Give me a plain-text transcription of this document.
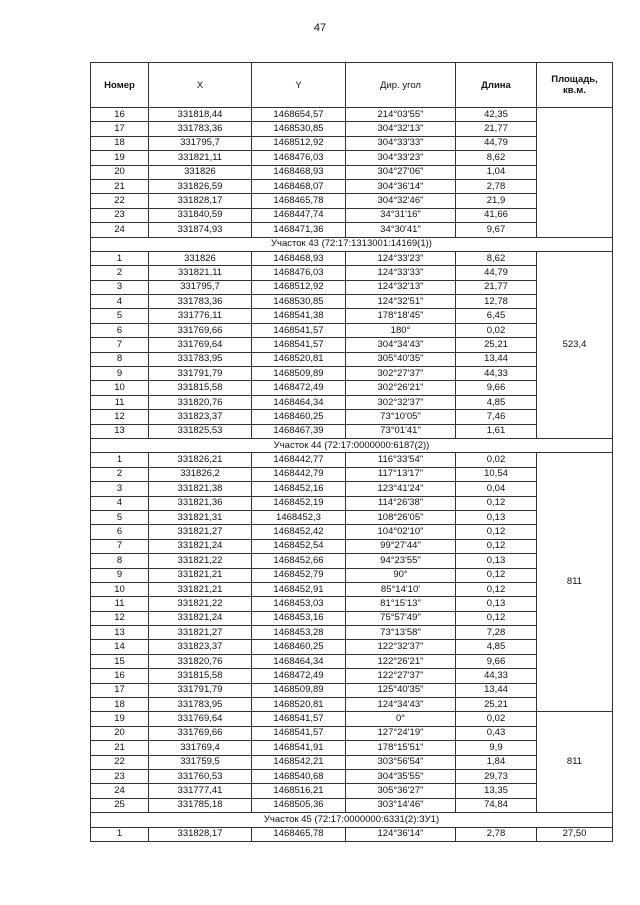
47
Номер	X	Y	Дир. угол	Длина	Площадь, кв.м.
16	331818,44	1468654,57	214°03'55"	42,35	
17	331783,36	1468530,85	304°32'13"	21,77	
18	331795,7	1468512,92	304°33'33"	44,79	
19	331821,11	1468476,03	304°33'23"	8,62	
20	331826	1468468,93	304°27'06"	1,04	
21	331826,59	1468468,07	304°36'14"	2,78	
22	331828,17	1468465,78	304°32'46"	21,9	
23	331840,59	1468447,74	34°31'16"	41,66	
24	331874,93	1468471,36	34°30'41"	9,67	
Участок 43 (72:17:1313001:14169(1))					
1	331826	1468468,93	124°33'23"	8,62	523,4
2	331821,11	1468476,03	124°33'33"	44,79	
3	331795,7	1468512,92	124°32'13"	21,77	
4	331783,36	1468530,85	124°32'51"	12,78	
5	331776,11	1468541,38	178°18'45"	6,45	
6	331769,66	1468541,57	180°	0,02	
7	331769,64	1468541,57	304°34'43"	25,21	
8	331783,95	1468520,81	305°40'35"	13,44	
9	331791,79	1468509,89	302°27'37"	44,33	
10	331815,58	1468472,49	302°26'21"	9,66	
11	331820,76	1468464,34	302°32'37"	4,85	
12	331823,37	1468460,25	73°10'05"	7,46	
13	331825,53	1468467,39	73°01'41"	1,61	
Участок 44 (72:17:0000000:6187(2))					
1	331826,21	1468442,77	116°33'54"	0,02	811
2	331826,2	1468442,79	117°13'17"	10,54	
3	331821,38	1468452,16	123°41'24"	0,04	
4	331821,36	1468452,19	114°26'38"	0,12	
5	331821,31	1468452,3	108°26'05"	0,13	
6	331821,27	1468452,42	104°02'10"	0,12	
7	331821,24	1468452,54	99°27'44"	0,12	
8	331821,22	1468452,66	94°23'55"	0,13	
9	331821,21	1468452,79	90°	0,12	
10	331821,21	1468452,91	85°14'10'	0,12	
11	331821,22	1468453,03	81°15'13"	0,13	
12	331821,24	1468453,16	75°57'49"	0,12	
13	331821,27	1468453,28	73°13'58"	7,28	
14	331823,37	1468460,25	122°32'37"	4,85	
15	331820,76	1468464,34	122°26'21"	9,66	
16	331815,58	1468472,49	122°27'37"	44,33	
17	331791,79	1468509,89	125°40'35"	13,44	
18	331783,95	1468520,81	124°34'43"	25,21	
19	331769,64	1468541,57	0°	0,02	811
20	331769,66	1468541,57	127°24'19"	0,43	
21	331769,4	1468541,91	178°15'51"	9,9	
22	331759,5	1468542,21	303°56'54"	1,84	
23	331760,53	1468540,68	304°35'55"	29,73	
24	331777,41	1468516,21	305°36'27"	13,35	
25	331785,18	1468505,36	303°14'46"	74,84	
Участок 45 (72:17:0000000:6331(2):ЗУ1)					
1	331828,17	1468465,78	124°36'14"	2,78	27,50
